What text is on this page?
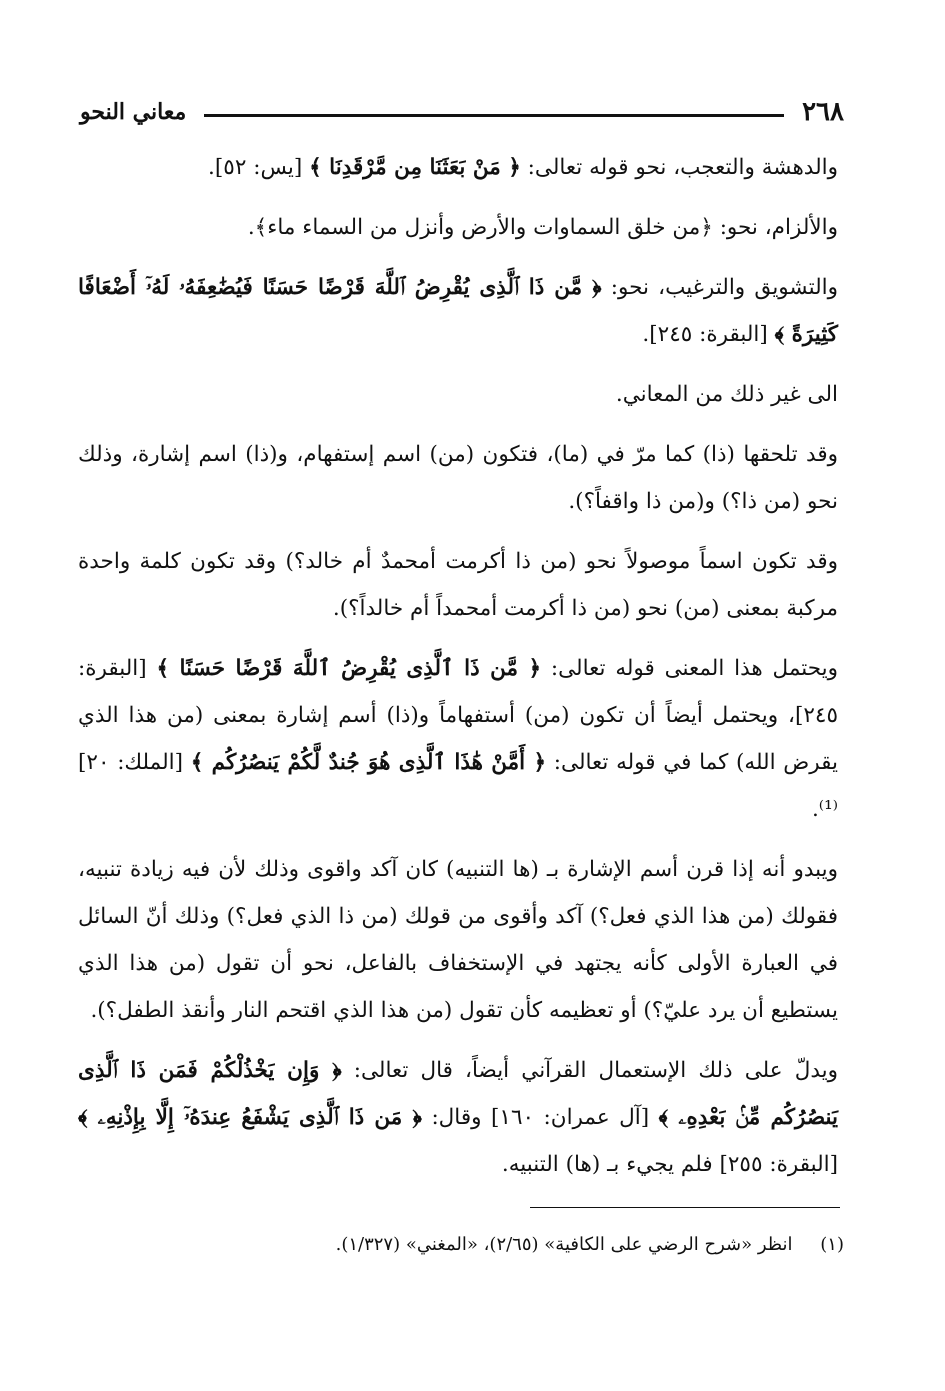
٢٦٨
معاني النحو

والدهشة والتعجب، نحو قوله تعالى: ﴿ مَنْ بَعَثَنَا مِن مَّرْقَدِنَا ﴾ [يس: ٥٢].

والألزام، نحو: ﴿من خلق السماوات والأرض وأنزل من السماء ماء﴾.

والتشويق والترغيب، نحو: ﴿ مَّن ذَا ٱلَّذِى يُقْرِضُ ٱللَّهَ قَرْضًا حَسَنًا فَيُضَٰعِفَهُۥ لَهُۥٓ أَضْعَافًا كَثِيرَةً ﴾ [البقرة: ٢٤٥].

الى غير ذلك من المعاني.

وقد تلحقها (ذا) كما مرّ في (ما)، فتكون (من) اسم إستفهام، و(ذا) اسم إشارة، وذلك نحو (من ذا؟) و(من ذا واقفاً؟).

وقد تكون اسماً موصولاً نحو (من ذا أكرمت أمحمدٌ أم خالد؟) وقد تكون كلمة واحدة مركبة بمعنى (من) نحو (من ذا أكرمت أمحمداً أم خالداً؟).

ويحتمل هذا المعنى قوله تعالى: ﴿ مَّن ذَا ٱلَّذِى يُقْرِضُ ٱللَّهَ قَرْضًا حَسَنًا ﴾ [البقرة: ٢٤٥]، ويحتمل أيضاً أن تكون (من) أستفهاماً و(ذا) أسم إشارة بمعنى (من هذا الذي يقرض الله) كما في قوله تعالى: ﴿ أَمَّنْ هَٰذَا ٱلَّذِى هُوَ جُندٌ لَّكُمْ يَنصُرُكُم ﴾ [الملك: ٢٠]⁽¹⁾.

ويبدو أنه إذا قرن أسم الإشارة بـ (ها التنبيه) كان آكد واقوى وذلك لأن فيه زيادة تنبيه، فقولك (من هذا الذي فعل؟) آكد وأقوى من قولك (من ذا الذي فعل؟) وذلك أنّ السائل في العبارة الأولى كأنه يجتهد في الإستخفاف بالفاعل، نحو أن تقول (من هذا الذي يستطيع أن يرد عليّ؟) أو تعظيمه كأن تقول (من هذا الذي اقتحم النار وأنقذ الطفل؟).

ويدلّ على ذلك الإستعمال القرآني أيضاً، قال تعالى: ﴿ وَإِن يَخْذُلْكُمْ فَمَن ذَا ٱلَّذِى يَنصُرُكُم مِّنۢ بَعْدِهِۦ ﴾ [آل عمران: ١٦٠] وقال: ﴿ مَن ذَا ٱلَّذِى يَشْفَعُ عِندَهُۥٓ إِلَّا بِإِذْنِهِۦ ﴾ [البقرة: ٢٥٥] فلم يجيء بـ (ها) التنبيه.

(١) انظر «شرح الرضي على الكافية» (٢/٦٥)، «المغني» (١/٣٢٧).
